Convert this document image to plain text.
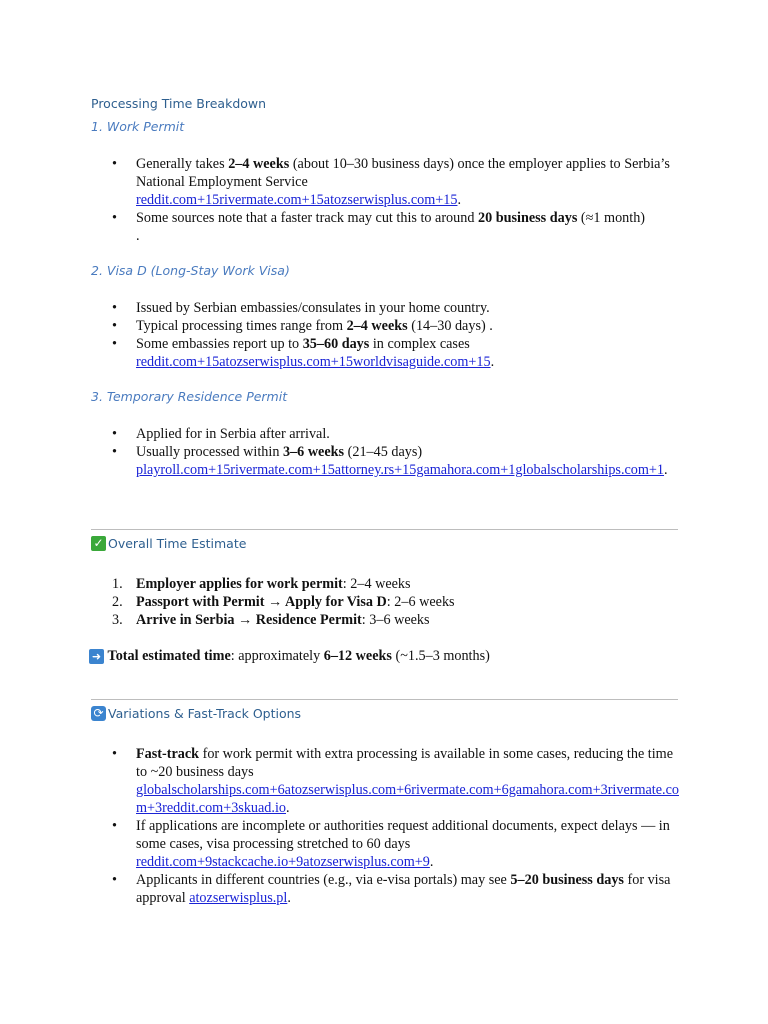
Processing Time Breakdown
1. Work Permit
•	Generally takes 2–4 weeks (about 10–30 business days) once the employer applies to Serbia’s National Employment Service
reddit.com+15rivermate.com+15atozserwisplus.com+15.
•	Some sources note that a faster track may cut this to around 20 business days (≈1 month)
.
2. Visa D (Long-Stay Work Visa)
•	Issued by Serbian embassies/consulates in your home country.
•	Typical processing times range from 2–4 weeks (14–30 days) .
•	Some embassies report up to 35–60 days in complex cases
reddit.com+15atozserwisplus.com+15worldvisaguide.com+15.
3. Temporary Residence Permit
•	Applied for in Serbia after arrival.
•	Usually processed within 3–6 weeks (21–45 days)
playroll.com+15rivermate.com+15attorney.rs+15gamahora.com+1globalscholarships.com+1.
✓ Overall Time Estimate
1. Employer applies for work permit: 2–4 weeks
2. Passport with Permit → Apply for Visa D: 2–6 weeks
3. Arrive in Serbia → Residence Permit: 3–6 weeks
➜ Total estimated time: approximately 6–12 weeks (~1.5–3 months)
⟳ Variations & Fast-Track Options
•	Fast-track for work permit with extra processing is available in some cases, reducing the time to ~20 business days
globalscholarships.com+6atozserwisplus.com+6rivermate.com+6gamahora.com+3rivermate.com+3reddit.com+3skuad.io.
•	If applications are incomplete or authorities request additional documents, expect delays — in some cases, visa processing stretched to 60 days
reddit.com+9stackcache.io+9atozserwisplus.com+9.
•	Applicants in different countries (e.g., via e-visa portals) may see 5–20 business days for visa approval atozserwisplus.pl.
